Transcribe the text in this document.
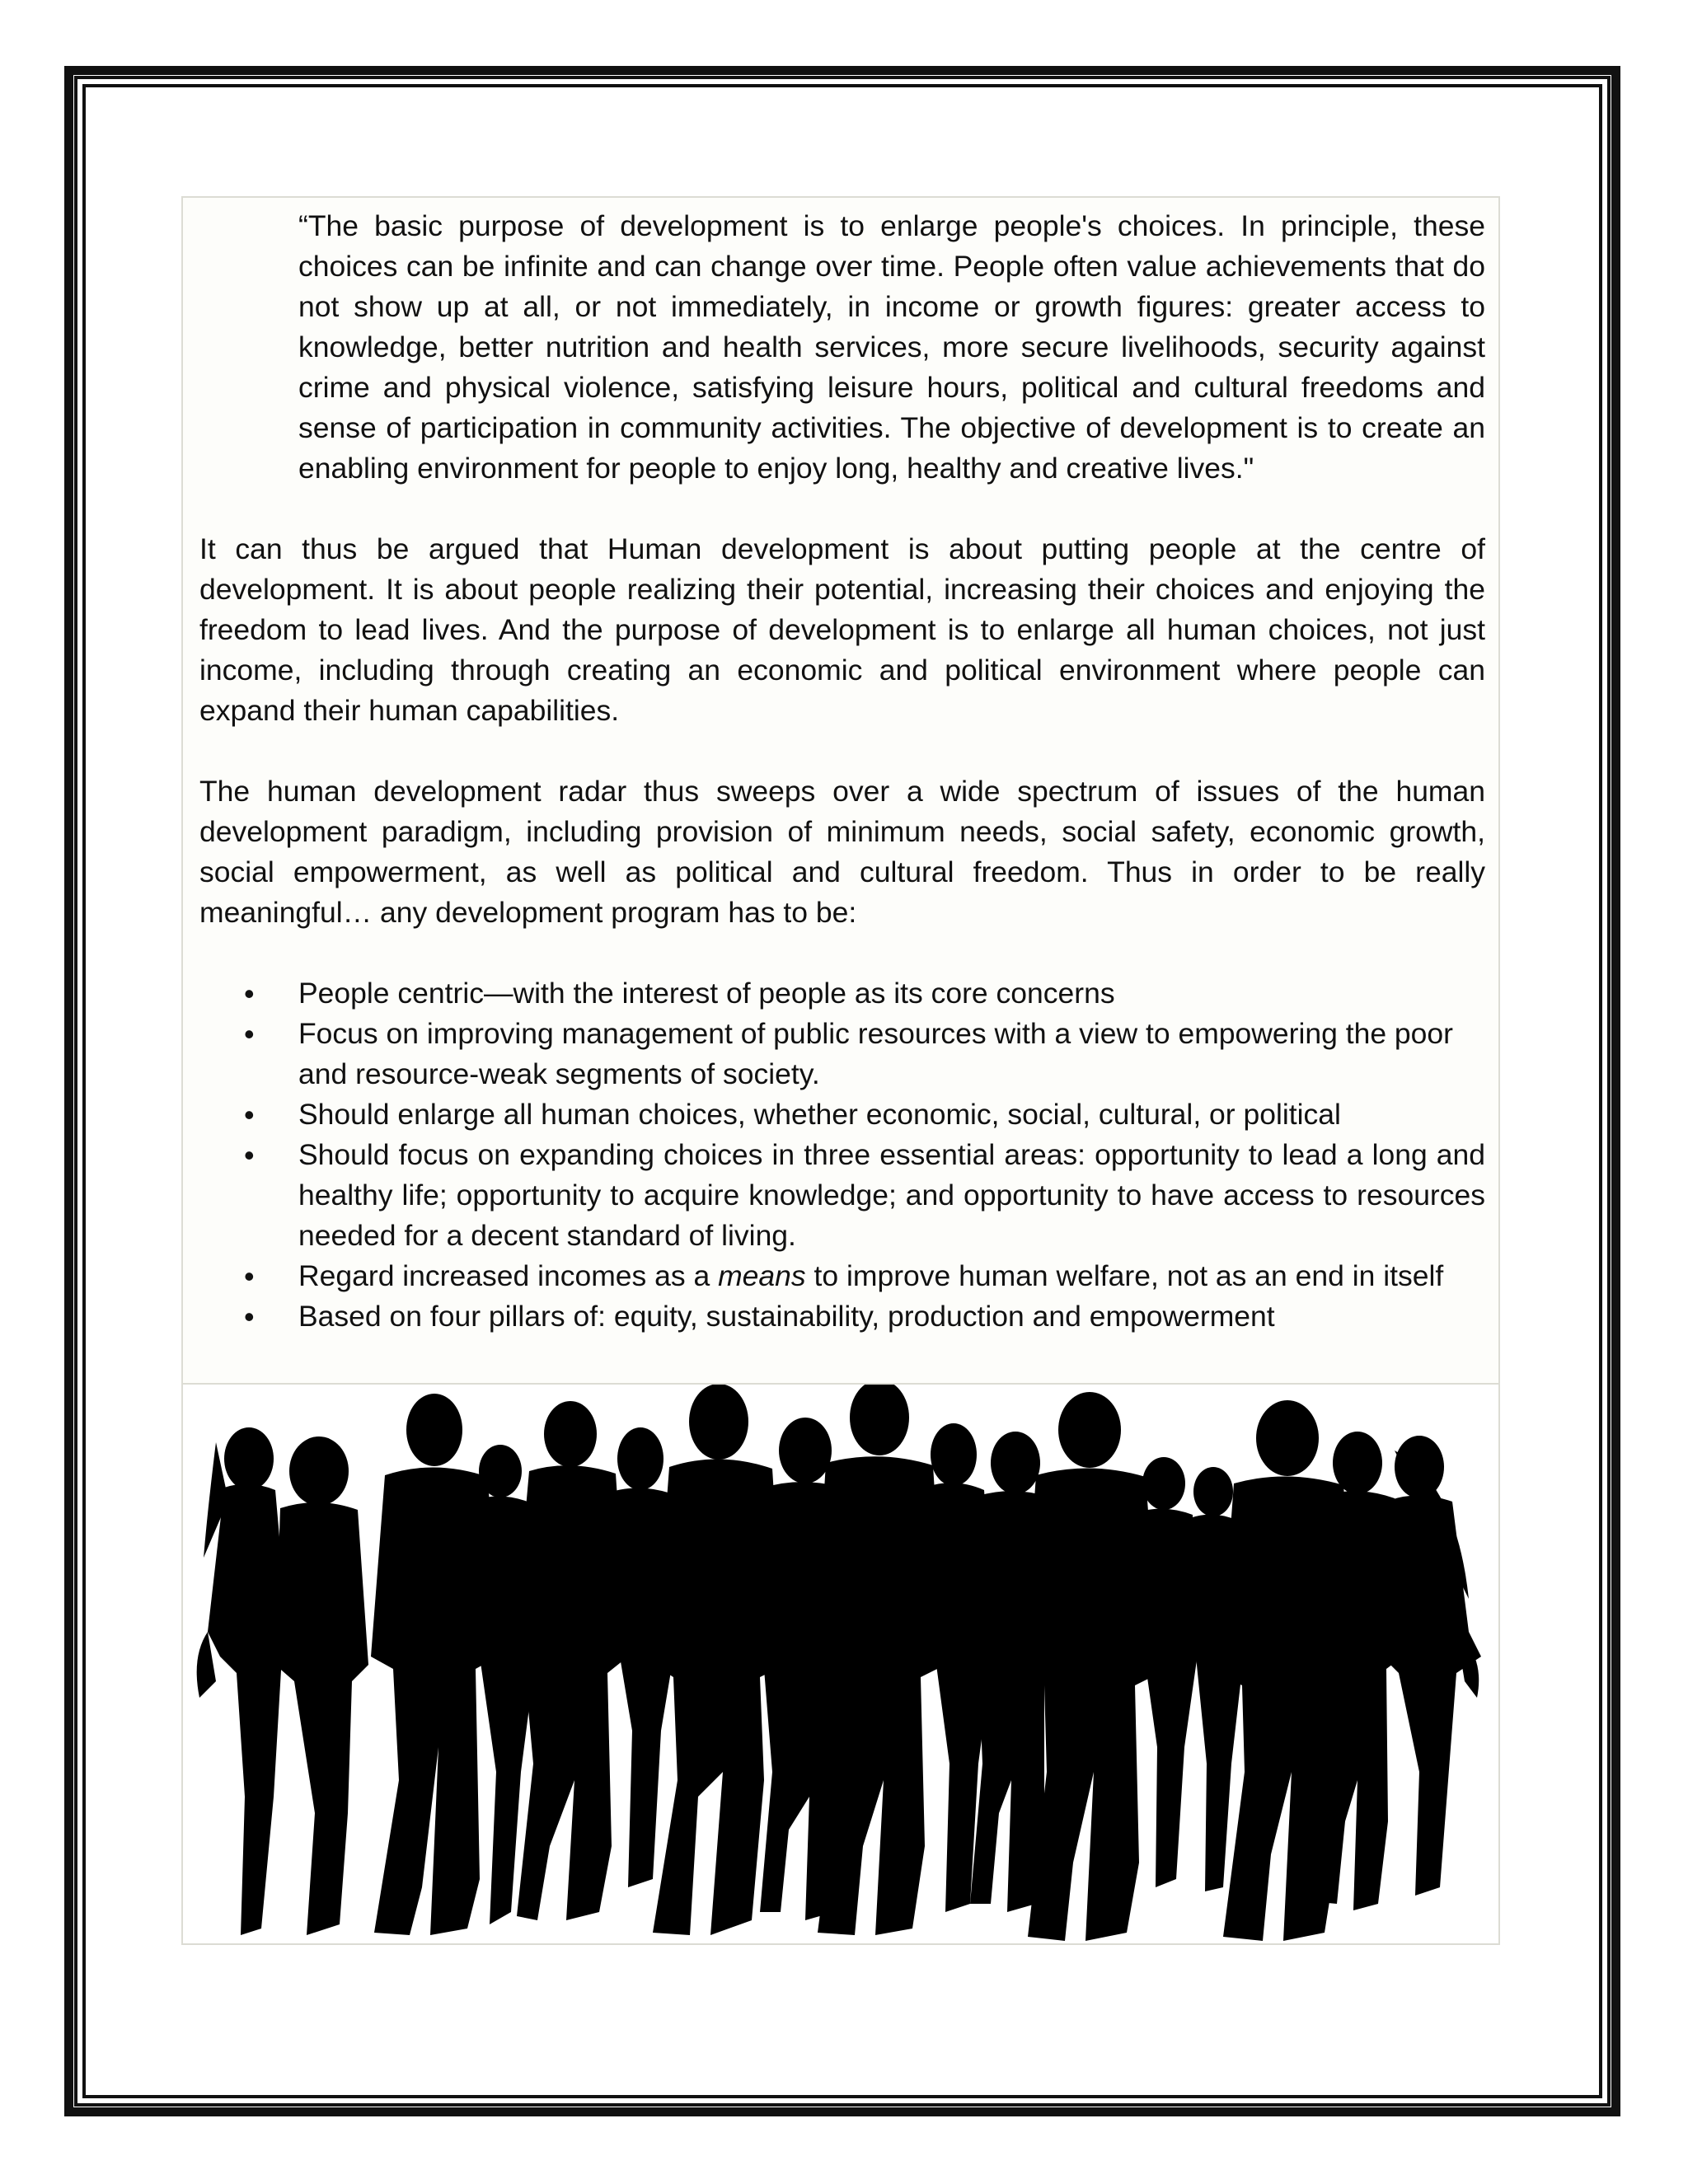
“The basic purpose of development is to enlarge people's choices. In principle, these choices can be infinite and can change over time. People often value achievements that do not show up at all, or not immediately, in income or growth figures: greater access to knowledge, better nutrition and health services, more secure livelihoods, security against crime and physical violence, satisfying leisure hours, political and cultural freedoms and sense of participation in community activities. The objective of development is to create an enabling environment for people to enjoy long, healthy and creative lives."

It can thus be argued that Human development is about putting people at the centre of development. It is about people realizing their potential, increasing their choices and enjoying the freedom to lead lives. And the purpose of development is to enlarge all human choices, not just income, including through creating an economic and political environment where people can expand their human capabilities.

The human development radar thus sweeps over a wide spectrum of issues of the human development paradigm, including provision of minimum needs, social safety, economic growth, social empowerment, as well as political and cultural freedom. Thus in order to be really meaningful… any development program has to be:

• People centric—with the interest of people as its core concerns
• Focus on improving management of public resources with a view to empowering the poor and resource-weak segments of society.
• Should enlarge all human choices, whether economic, social, cultural, or political
• Should focus on expanding choices in three essential areas: opportunity to lead a long and healthy life; opportunity to acquire knowledge; and opportunity to have access to resources needed for a decent standard of living.
• Regard increased incomes as a means to improve human welfare, not as an end in itself
• Based on four pillars of: equity, sustainability, production and empowerment
